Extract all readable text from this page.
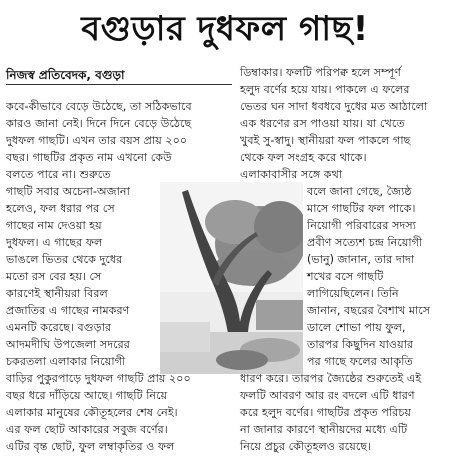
বগুড়ার দুধফল গাছ!
নিজস্ব প্রতিবেদক, বগুড়া
কবে-কীভাবে বেড়ে উঠেছে, তা সঠিকভাবে
কারও জানা নেই। দিনে দিনে বেড়ে উঠেছে
দুধফল গাছটি। এখন তার বয়স প্রায় ২০০
বছর। গাছটির প্রকৃত নাম এখনো কেউ
বলতে পারে না। শুরুতে
গাছটি সবার অচেনা-অজানা
হলেও, ফল ধরার পর সে
গাছের নাম দেওয়া হয়
দুধফল। এ গাছের ফল
ভাঙলে ভিতর থেকে দুধের
মতো রস বের হয়। সে
কারণেই স্থানীয়রা বিরল
প্রজাতির এ গাছের নামকরণ
এমনটি করেছে। বগুড়ার
আদমদীঘি উপজেলা সদরের
চকরতলা এলাকার নিয়োগী
বাড়ির পুকুরপাড়ে দুধফল গাছটি প্রায় ২০০
বছর ধরে দাঁড়িয়ে আছে। গাছটি নিয়ে
এলাকার মানুষের কৌতূহলের শেষ নেই।
এর ফল ছোট আকারের সবুজ বর্ণের।
এটির বৃন্ত ছোট, ফুল লম্বাকৃতির ও ফল
ডিম্বাকার। ফলটি পরিপক্ব হলে সম্পূর্ণ
হলুদ বর্ণের হয়ে যায়। পাকলে এ ফলের
ভেতর ঘন সাদা ধবধবে দুধের মত আঠালো
এক ধরণের রস পাওয়া যায়। যা খেতে
খুবই সু-স্বাদু। স্থানীয়রা ফল পাকলে গাছ
থেকে ফল সংগ্রহ করে থাকে।
এলাকাবাসীর সঙ্গে কথা
বলে জানা গেছে, জ্যৈষ্ঠ
মাসে গাছটির ফল পাকে।
নিয়োগী পরিবারের সদস্য
প্রবীণ সত্যেশ চন্দ্র নিয়োগী
(ভানু) জানান, তার দাদা
শখের বসে গাছটি
লাগিয়েছিলেন। তিনি
জানান, বছরের বৈশাখ মাসে
ডালে শোভা পায় ফুল,
তারপর কিছুদিন যাওয়ার
পর গাছে ফলের আকৃতি
ধারণ করে। তারপর জ্যৈষ্ঠের শুরুতেই এই
ফলটি আবরণ আর রং বদলে এটি ধারণ
করে হলুদ বর্ণের। গাছটির প্রকৃত পরিচয়
না জানার কারণে স্থানীয়দের মধ্যে এটি
নিয়ে প্রচুর কৌতূহলও রয়েছে।
